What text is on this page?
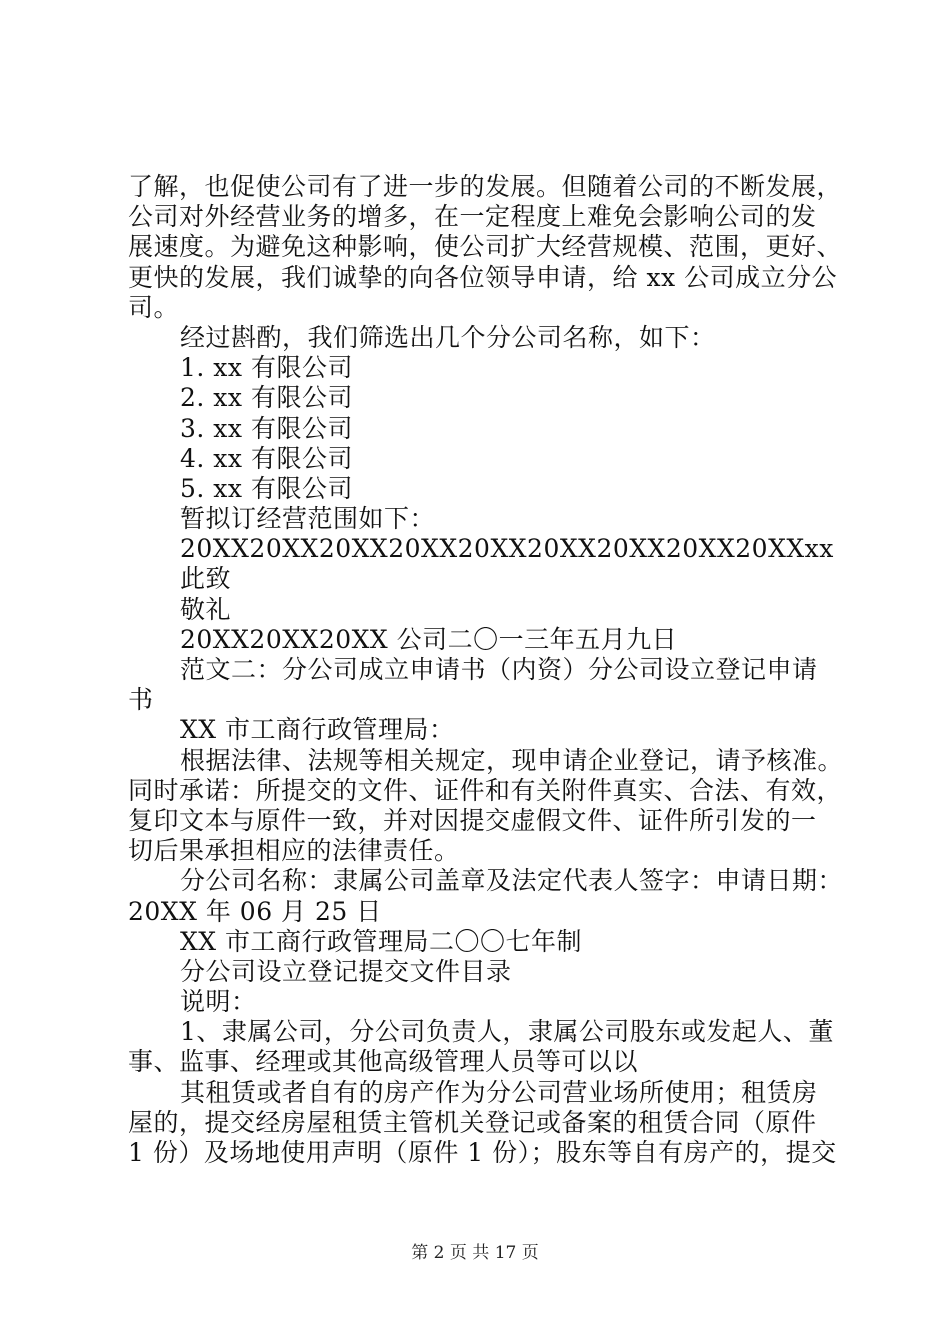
了解，也促使公司有了进一步的发展。但随着公司的不断发展，
公司对外经营业务的增多，在一定程度上难免会影响公司的发
展速度。为避免这种影响，使公司扩大经营规模、范围，更好、
更快的发展，我们诚挚的向各位领导申请，给 xx 公司成立分公
司。
经过斟酌，我们筛选出几个分公司名称，如下：
1. xx 有限公司
2. xx 有限公司
3. xx 有限公司
4. xx 有限公司
5. xx 有限公司
暂拟订经营范围如下：
20XX20XX20XX20XX20XX20XX20XX20XX20XXxx
此致
敬礼
20XX20XX20XX 公司二〇一三年五月九日
范文二：分公司成立申请书（内资）分公司设立登记申请
书
XX 市工商行政管理局：
根据法律、法规等相关规定，现申请企业登记，请予核准。
同时承诺：所提交的文件、证件和有关附件真实、合法、有效，
复印文本与原件一致，并对因提交虚假文件、证件所引发的一
切后果承担相应的法律责任。
分公司名称：隶属公司盖章及法定代表人签字：申请日期：
20XX 年 06 月 25 日
XX 市工商行政管理局二〇〇七年制
分公司设立登记提交文件目录
说明：
1、隶属公司，分公司负责人，隶属公司股东或发起人、董
事、监事、经理或其他高级管理人员等可以以
其租赁或者自有的房产作为分公司营业场所使用；租赁房
屋的，提交经房屋租赁主管机关登记或备案的租赁合同（原件
1 份）及场地使用声明（原件 1 份）；股东等自有房产的，提交
第 2 页 共 17 页
